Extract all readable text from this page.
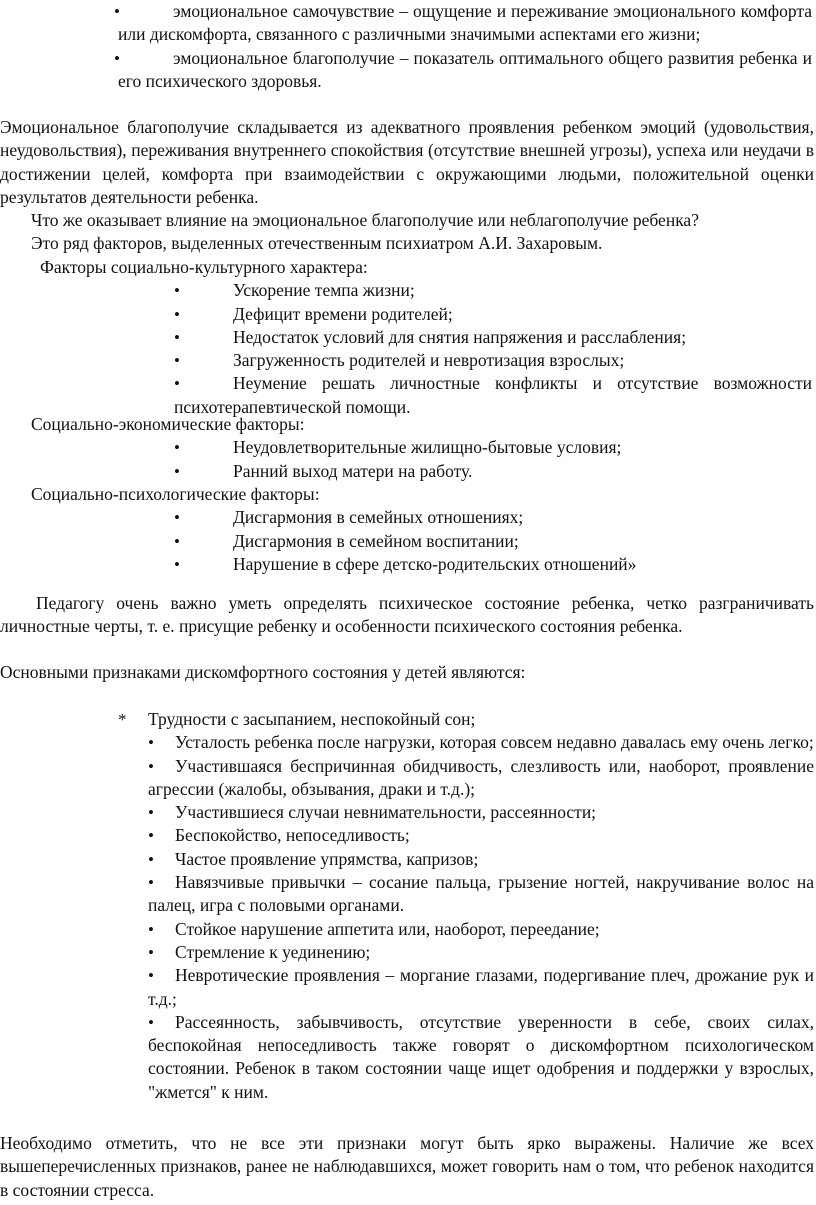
•	эмоциональное самочувствие – ощущение и переживание эмоционального комфорта или дискомфорта, связанного с различными значимыми аспектами его жизни;
•	эмоциональное благополучие – показатель оптимального общего развития ребенка и его психического здоровья.
Эмоциональное благополучие складывается из адекватного проявления ребенком эмоций (удовольствия, неудовольствия), переживания внутреннего спокойствия (отсутствие внешней угрозы), успеха или неудачи в достижении целей, комфорта при взаимодействии с окружающими людьми, положительной оценки результатов деятельности ребенка.
Что же оказывает влияние на эмоциональное благополучие или неблагополучие ребенка?
Это ряд факторов, выделенных отечественным психиатром А.И. Захаровым.
Факторы социально-культурного характера:
•	Ускорение темпа жизни;
•	Дефицит времени родителей;
•	Недостаток условий для снятия напряжения и расслабления;
•	Загруженность родителей и невротизация взрослых;
•	Неумение решать личностные конфликты и отсутствие возможности психотерапевтической помощи.
Социально-экономические факторы:
•	Неудовлетворительные жилищно-бытовые условия;
•	Ранний выход матери на работу.
Социально-психологические факторы:
•	Дисгармония в семейных отношениях;
•	Дисгармония в семейном воспитании;
•	Нарушение в сфере детско-родительских отношений»
Педагогу очень важно уметь определять психическое состояние ребенка, четко разграничивать личностные черты, т. е. присущие ребенку и особенности психического состояния ребенка.
Основными признаками дискомфортного состояния у детей являются:
* Трудности с засыпанием, неспокойный сон;
•	Усталость ребенка после нагрузки, которая совсем недавно давалась ему очень легко;
•	Участившаяся беспричинная обидчивость, слезливость или, наоборот, проявление агрессии (жалобы, обзывания, драки и т.д.);
•	Участившиеся случаи невнимательности, рассеянности;
•	Беспокойство, непоседливость;
•	Частое проявление упрямства, капризов;
•	Навязчивые привычки – сосание пальца, грызение ногтей, накручивание волос на палец, игра с половыми органами.
•	Стойкое нарушение аппетита или, наоборот, переедание;
•	Стремление к уединению;
•	Невротические проявления – моргание глазами, подергивание плеч, дрожание рук и т.д.;
•	Рассеянность, забывчивость, отсутствие уверенности в себе, своих силах, беспокойная непоседливость также говорят о дискомфортном психологическом состоянии. Ребенок в таком состоянии чаще ищет одобрения и поддержки у взрослых, "жмется" к ним.
Необходимо отметить, что не все эти признаки могут быть ярко выражены. Наличие же всех вышеперечисленных признаков, ранее не наблюдавшихся, может говорить нам о том, что ребенок находится в состоянии стресса.
